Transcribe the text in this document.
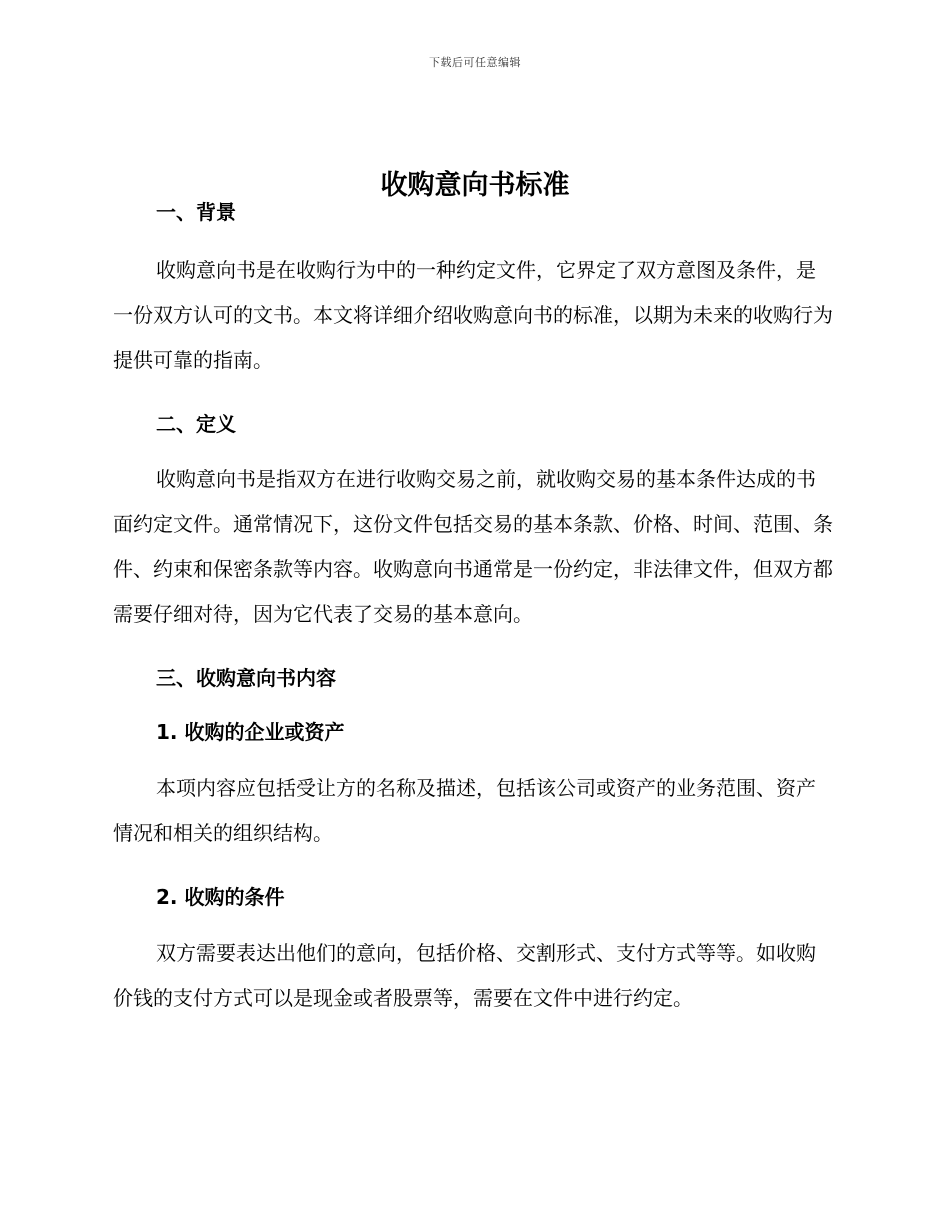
下载后可任意编辑
收购意向书标准
一、背景

收购意向书是在收购行为中的一种约定文件，它界定了双方意图及条件，是一份双方认可的文书。本文将详细介绍收购意向书的标准，以期为未来的收购行为提供可靠的指南。

二、定义

收购意向书是指双方在进行收购交易之前，就收购交易的基本条件达成的书面约定文件。通常情况下，这份文件包括交易的基本条款、价格、时间、范围、条件、约束和保密条款等内容。收购意向书通常是一份约定，非法律文件，但双方都需要仔细对待，因为它代表了交易的基本意向。

三、收购意向书内容
1. 收购的企业或资产

本项内容应包括受让方的名称及描述，包括该公司或资产的业务范围、资产情况和相关的组织结构。

2. 收购的条件

双方需要表达出他们的意向，包括价格、交割形式、支付方式等等。如收购价钱的支付方式可以是现金或者股票等，需要在文件中进行约定。
